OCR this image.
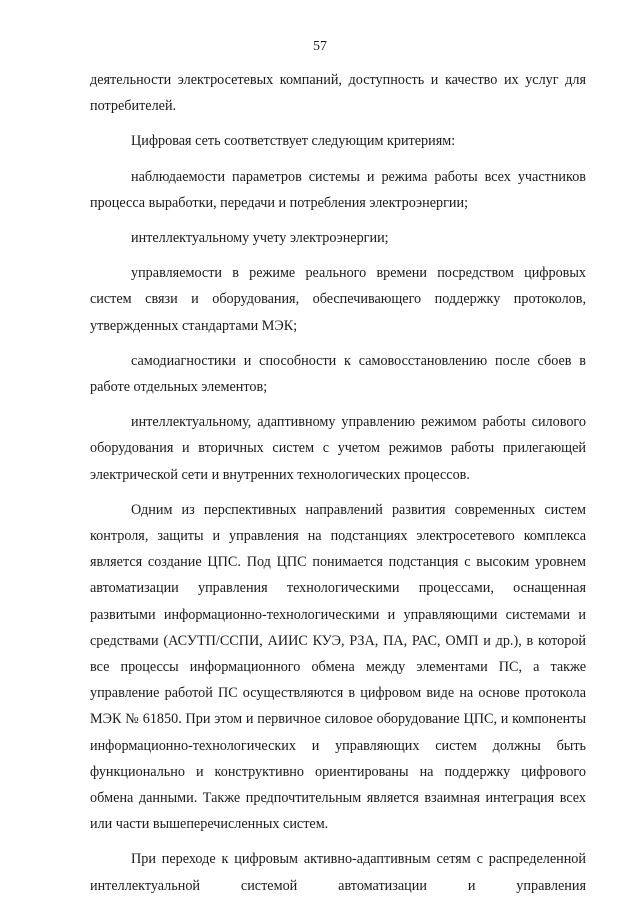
57

деятельности электросетевых компаний, доступность и качество их услуг для потребителей.

Цифровая сеть соответствует следующим критериям:

наблюдаемости параметров системы и режима работы всех участников процесса выработки, передачи и потребления электроэнергии;

интеллектуальному учету электроэнергии;

управляемости в режиме реального времени посредством цифровых систем связи и оборудования, обеспечивающего поддержку протоколов, утвержденных стандартами МЭК;

самодиагностики и способности к самовосстановлению после сбоев в работе отдельных элементов;

интеллектуальному, адаптивному управлению режимом работы силового оборудования и вторичных систем с учетом режимов работы прилегающей электрической сети и внутренних технологических процессов.

Одним из перспективных направлений развития современных систем контроля, защиты и управления на подстанциях электросетевого комплекса является создание ЦПС. Под ЦПС понимается подстанция с высоким уровнем автоматизации управления технологическими процессами, оснащенная развитыми информационно-технологическими и управляющими системами и средствами (АСУТП/ССПИ, АИИС КУЭ, РЗА, ПА, РАС, ОМП и др.), в которой все процессы информационного обмена между элементами ПС, а также управление работой ПС осуществляются в цифровом виде на основе протокола МЭК № 61850. При этом и первичное силовое оборудование ЦПС, и компоненты информационно-технологических и управляющих систем должны быть функционально и конструктивно ориентированы на поддержку цифрового обмена данными. Также предпочтительным является взаимная интеграция всех или части вышеперечисленных систем.

При переходе к цифровым активно-адаптивным сетям с распределенной интеллектуальной системой автоматизации и управления
